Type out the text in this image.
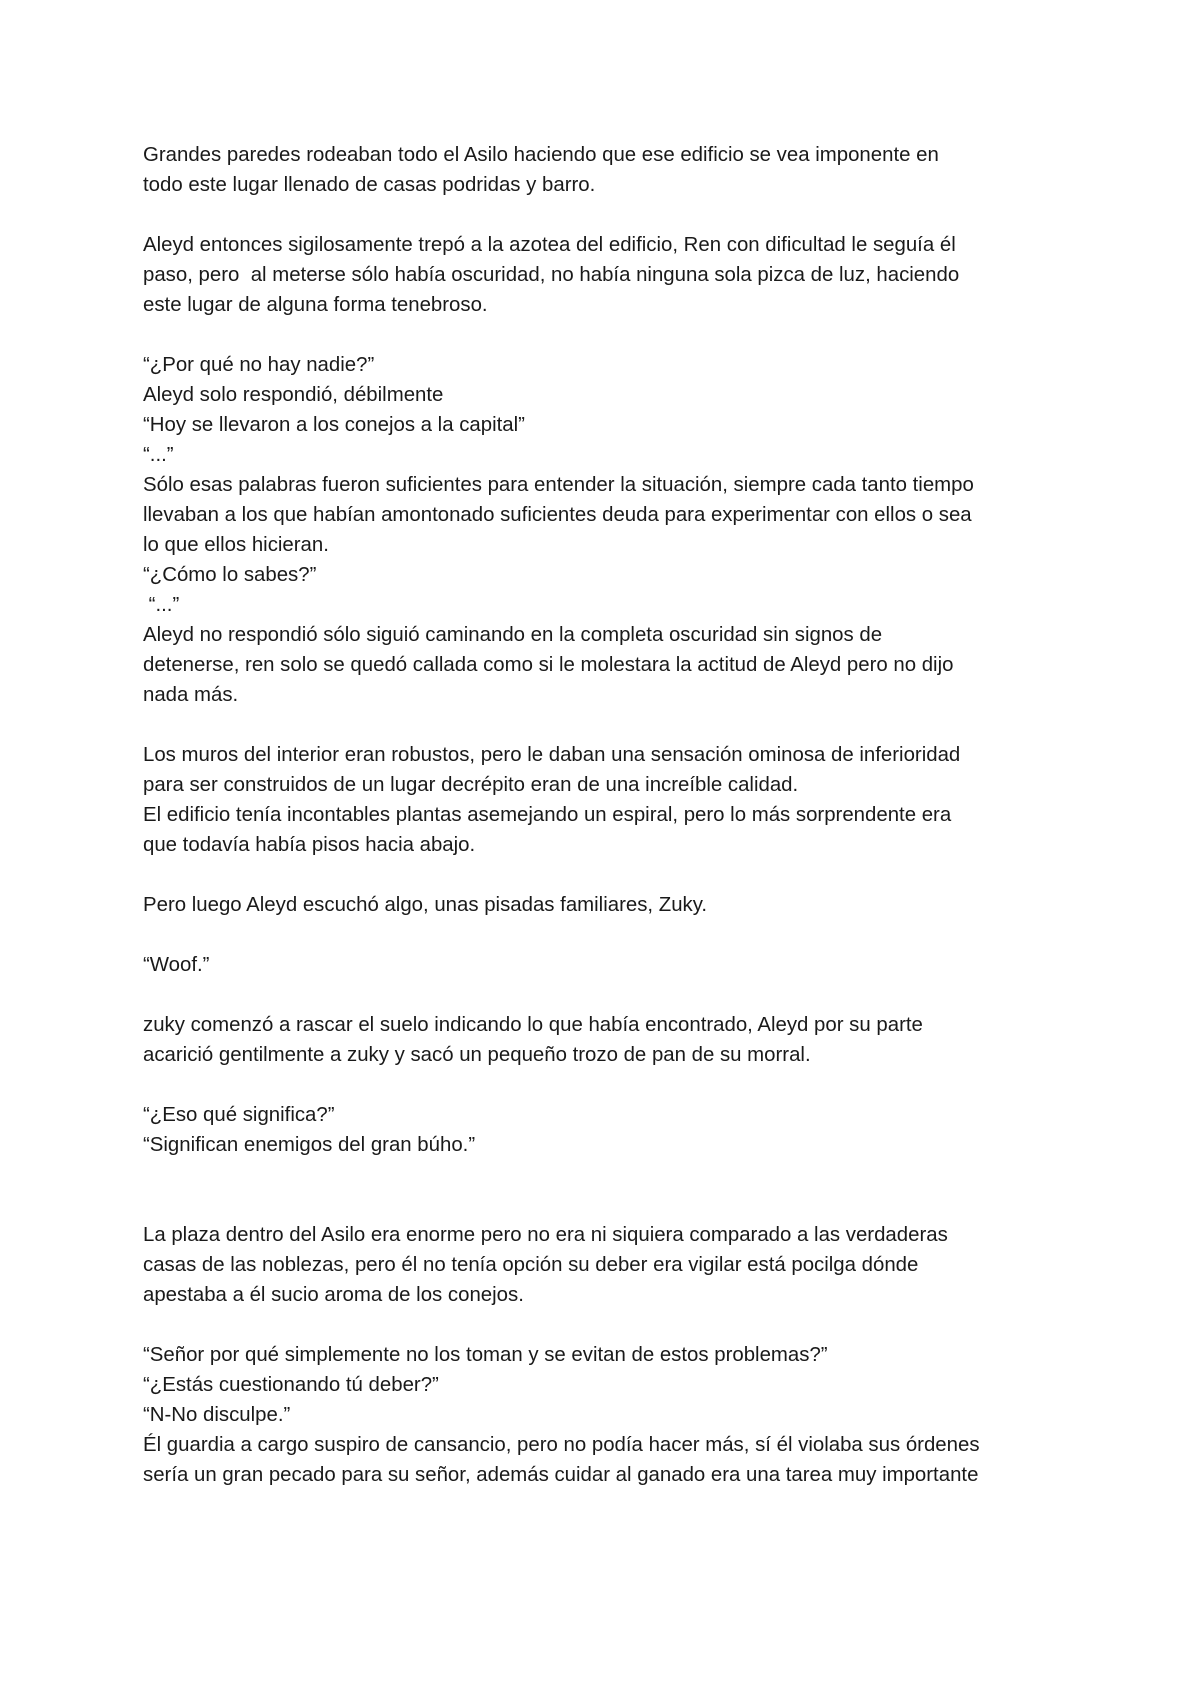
Grandes paredes rodeaban todo el Asilo haciendo que ese edificio se vea imponente en
todo este lugar llenado de casas podridas y barro.
Aleyd entonces sigilosamente trepó a la azotea del edificio, Ren con dificultad le seguía él
paso, pero  al meterse sólo había oscuridad, no había ninguna sola pizca de luz, haciendo
este lugar de alguna forma tenebroso.
“¿Por qué no hay nadie?”
Aleyd solo respondió, débilmente
“Hoy se llevaron a los conejos a la capital”
“...”
Sólo esas palabras fueron suficientes para entender la situación, siempre cada tanto tiempo
llevaban a los que habían amontonado suficientes deuda para experimentar con ellos o sea
lo que ellos hicieran.
“¿Cómo lo sabes?”
“...”
Aleyd no respondió sólo siguió caminando en la completa oscuridad sin signos de
detenerse, ren solo se quedó callada como si le molestara la actitud de Aleyd pero no dijo
nada más.
Los muros del interior eran robustos, pero le daban una sensación ominosa de inferioridad
para ser construidos de un lugar decrépito eran de una increíble calidad.
El edificio tenía incontables plantas asemejando un espiral, pero lo más sorprendente era
que todavía había pisos hacia abajo.
Pero luego Aleyd escuchó algo, unas pisadas familiares, Zuky.
“Woof.”
zuky comenzó a rascar el suelo indicando lo que había encontrado, Aleyd por su parte
acarició gentilmente a zuky y sacó un pequeño trozo de pan de su morral.
“¿Eso qué significa?”
“Significan enemigos del gran búho.”
La plaza dentro del Asilo era enorme pero no era ni siquiera comparado a las verdaderas
casas de las noblezas, pero él no tenía opción su deber era vigilar está pocilga dónde
apestaba a él sucio aroma de los conejos.
“Señor por qué simplemente no los toman y se evitan de estos problemas?”
“¿Estás cuestionando tú deber?”
“N-No disculpe.”
Él guardia a cargo suspiro de cansancio, pero no podía hacer más, sí él violaba sus órdenes
sería un gran pecado para su señor, además cuidar al ganado era una tarea muy importante
